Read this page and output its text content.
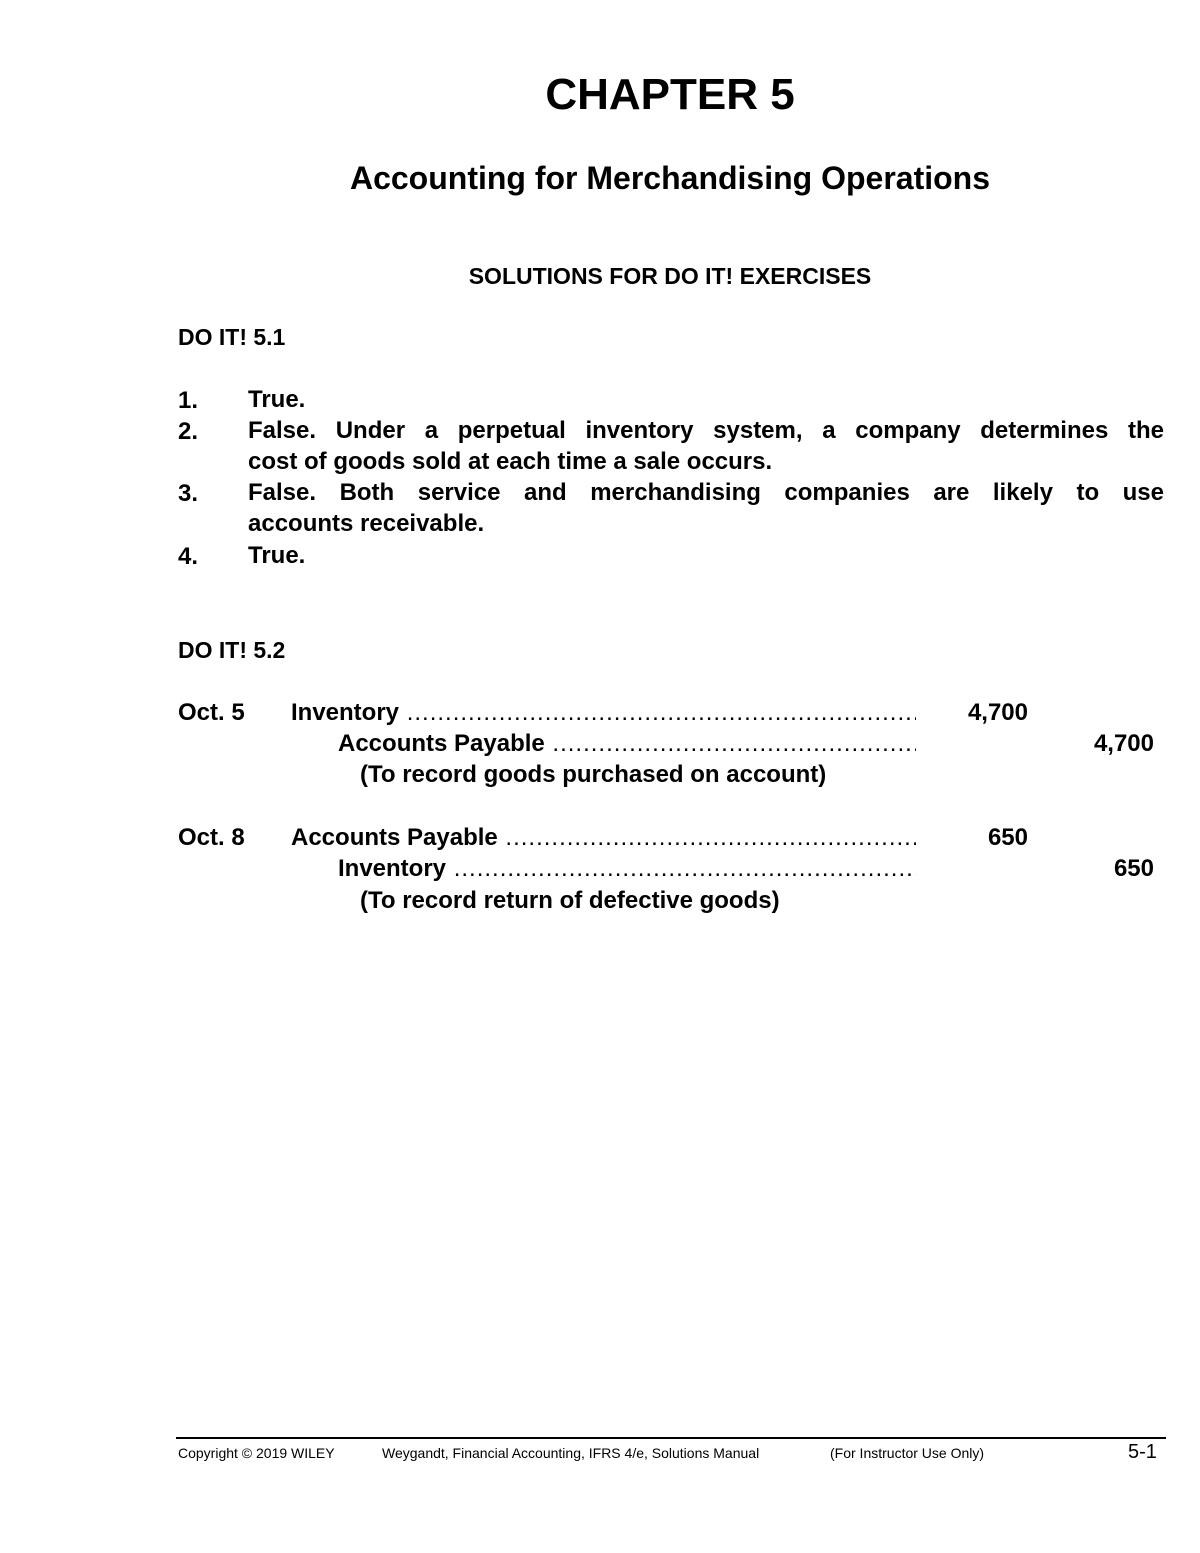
CHAPTER 5
Accounting for Merchandising Operations
SOLUTIONS FOR DO IT! EXERCISES
DO IT! 5.1
1. True.
2. False. Under a perpetual inventory system, a company determines the
cost of goods sold at each time a sale occurs.
3. False. Both service and merchandising companies are likely to use
accounts receivable.
4. True.
DO IT! 5.2
Oct. 5 Inventory .....	4,700
Accounts Payable .....	4,700
(To record goods purchased on account)
Oct. 8 Accounts Payable .....	650
Inventory .....	650
(To record return of defective goods)
Copyright © 2019 WILEY	Weygandt, Financial Accounting, IFRS 4/e, Solutions Manual	(For Instructor Use Only)	5-1
